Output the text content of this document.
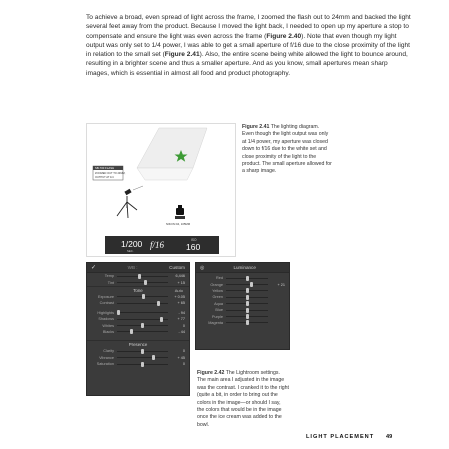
To achieve a broad, even spread of light across the frame, I zoomed the flash out to 24mm and backed the light several feet away from the product. Because I moved the light back, I needed to open up my aperture a stop to compensate and ensure the light was even across the frame (Figure 2.40). Note that even though my light output was only set to 1/4 power, I was able to get a small aperture of f/16 due to the close proximity of the light in relation to the small set (Figure 2.41). Also, the entire scene being white allowed the light to bounce around, resulting in a brighter scene and thus a smaller aperture. And as you know, small apertures mean sharp images, which is essential in almost all food and product photography.

SB-700 FLASH
ZOOMED OUT TO 24MM,
OUTPUT AT 1/4
NIKON D4, 105MM
1/200
SEC.
f/16	ISO
160

Figure 2.41 The lighting diagram. Even though the light output was only at 1/4 power, my aperture was closed down to f/16 due to the white set and close proximity of the light to the product. The small aperture allowed for a sharp image.

✓	WB :	Custom
Temp	6,446
Tint	+ 15
Tone	Auto
Exposure	+ 0.05
Contrast	+ 65
Highlights	- 94
Shadows	+ 77
Whites	0
Blacks	- 44
Presence
Clarity	0
Vibrance	+ 45
Saturation	0
◎	Luminance
Red
Orange	+ 21
Yellow
Green
Aqua
Blue
Purple
Magenta

Figure 2.42 The Lightroom settings. The main area I adjusted in the image was the contrast. I cranked it to the right (quite a bit, in order to bring out the colors in the image—or should I say, the colors that would be in the image once the ice cream was added to the bowl.

LIGHT PLACEMENT 49
